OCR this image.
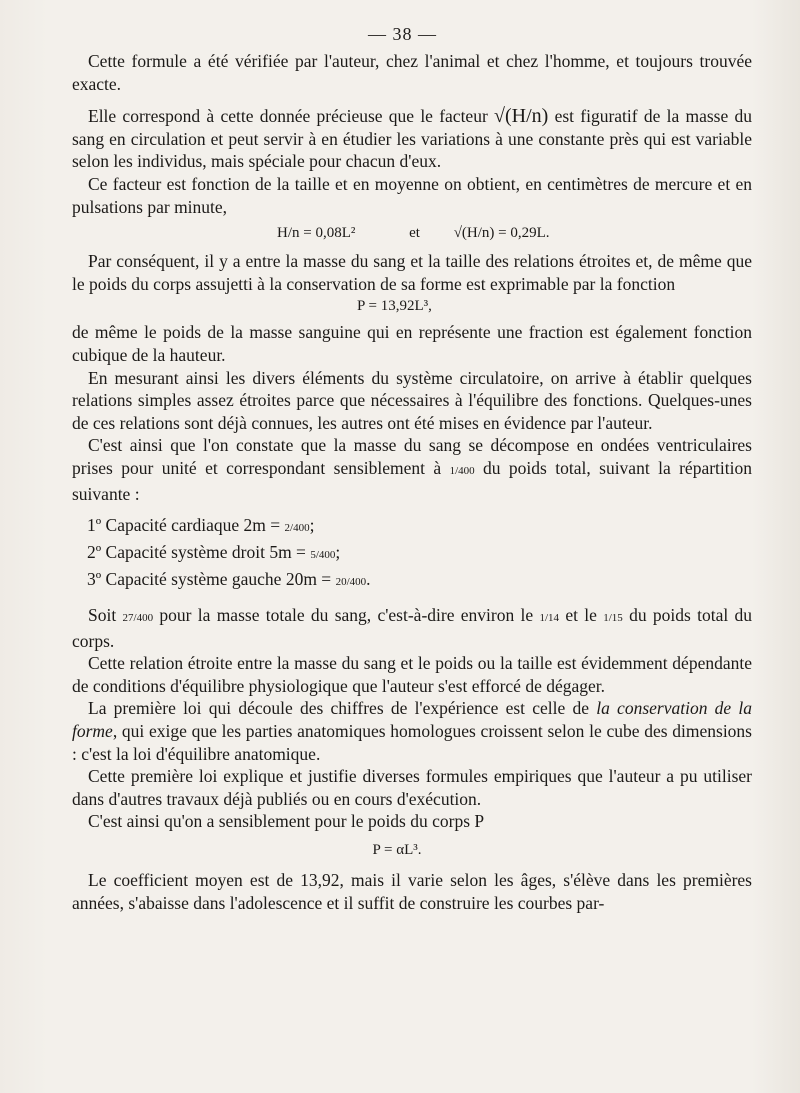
— 38 —

Cette formule a été vérifiée par l'auteur, chez l'animal et chez l'homme, et toujours trouvée exacte.

Elle correspond à cette donnée précieuse que le facteur √(H/n) est figuratif de la masse du sang en circulation et peut servir à en étudier les variations à une constante près qui est variable selon les individus, mais spéciale pour chacun d'eux.

Ce facteur est fonction de la taille et en moyenne on obtient, en centimètres de mercure et en pulsations par minute,

H/n = 0,08L²	et √(H/n) = 0,29L.

Par conséquent, il y a entre la masse du sang et la taille des relations étroites et, de même que le poids du corps assujetti à la conservation de sa forme est exprimable par la fonction

P = 13,92L³,

de même le poids de la masse sanguine qui en représente une fraction est également fonction cubique de la hauteur.

En mesurant ainsi les divers éléments du système circulatoire, on arrive à établir quelques relations simples assez étroites parce que nécessaires à l'équilibre des fonctions. Quelques-unes de ces relations sont déjà connues, les autres ont été mises en évidence par l'auteur.

C'est ainsi que l'on constate que la masse du sang se décompose en ondées ventriculaires prises pour unité et correspondant sensiblement à 1/400 du poids total, suivant la répartition suivante :

1º Capacité cardiaque 2m = 2/400;

2º Capacité système droit 5m = 5/400;

3º Capacité système gauche 20m = 20/400.

Soit 27/400 pour la masse totale du sang, c'est-à-dire environ le 1/14 et le 1/15 du poids total du corps.

Cette relation étroite entre la masse du sang et le poids ou la taille est évidemment dépendante de conditions d'équilibre physiologique que l'auteur s'est efforcé de dégager.

La première loi qui découle des chiffres de l'expérience est celle de la conservation de la forme, qui exige que les parties anatomiques homologues croissent selon le cube des dimensions : c'est la loi d'équilibre anatomique.

Cette première loi explique et justifie diverses formules empiriques que l'auteur a pu utiliser dans d'autres travaux déjà publiés ou en cours d'exécution.

C'est ainsi qu'on a sensiblement pour le poids du corps P

P = αL³.

Le coefficient moyen est de 13,92, mais il varie selon les âges, s'élève dans les premières années, s'abaisse dans l'adolescence et il suffit de construire les courbes par-
